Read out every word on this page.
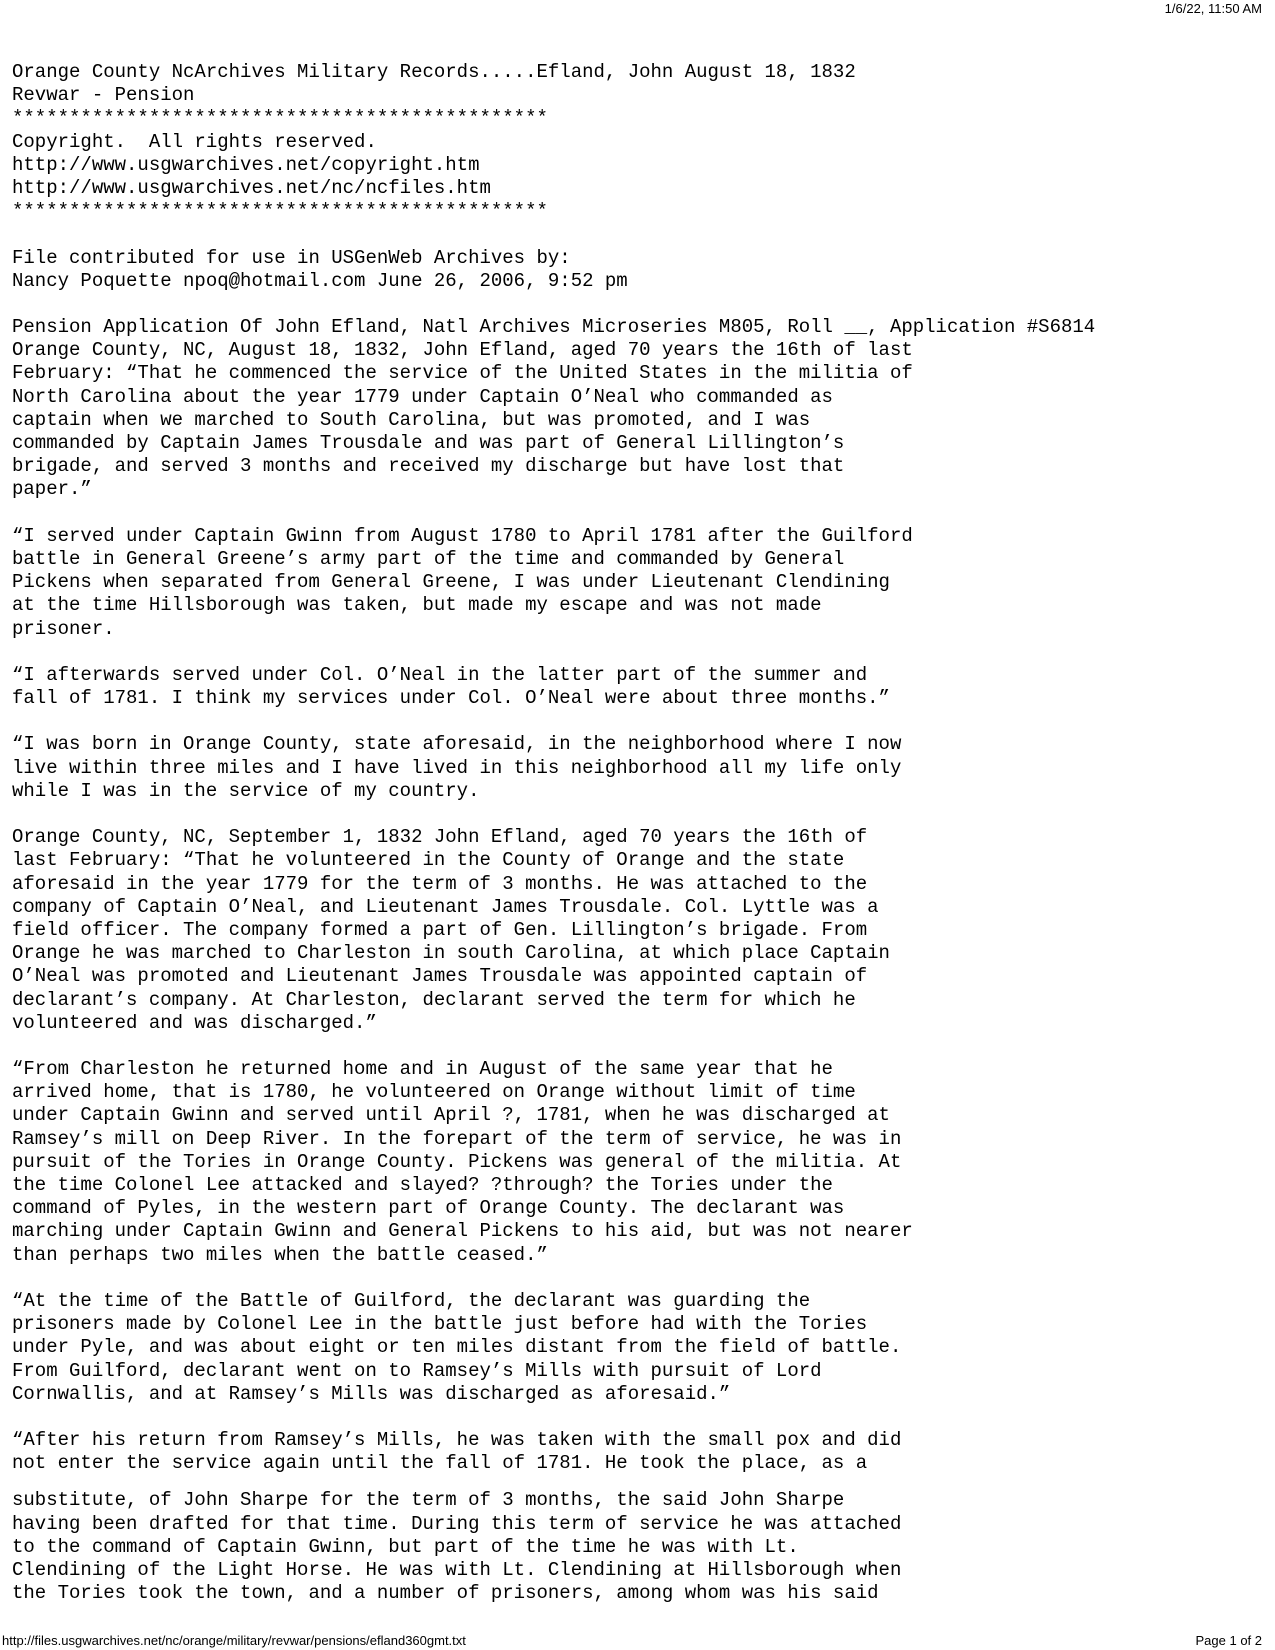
1/6/22, 11:50 AM
Orange County NcArchives Military Records.....Efland, John August 18, 1832
Revwar - Pension
***********************************************
Copyright.  All rights reserved.
http://www.usgwarchives.net/copyright.htm
http://www.usgwarchives.net/nc/ncfiles.htm
***********************************************
File contributed for use in USGenWeb Archives by:
Nancy Poquette npoq@hotmail.com June 26, 2006, 9:52 pm
Pension Application Of John Efland, Natl Archives Microseries M805, Roll __, Application #S6814
Orange County, NC, August 18, 1832, John Efland, aged 70 years the 16th of last
February: “That he commenced the service of the United States in the militia of
North Carolina about the year 1779 under Captain O’Neal who commanded as
captain when we marched to South Carolina, but was promoted, and I was
commanded by Captain James Trousdale and was part of General Lillington’s
brigade, and served 3 months and received my discharge but have lost that
paper.”
“I served under Captain Gwinn from August 1780 to April 1781 after the Guilford
battle in General Greene’s army part of the time and commanded by General
Pickens when separated from General Greene, I was under Lieutenant Clendining
at the time Hillsborough was taken, but made my escape and was not made
prisoner.
“I afterwards served under Col. O’Neal in the latter part of the summer and
fall of 1781. I think my services under Col. O’Neal were about three months.”
“I was born in Orange County, state aforesaid, in the neighborhood where I now
live within three miles and I have lived in this neighborhood all my life only
while I was in the service of my country.
Orange County, NC, September 1, 1832 John Efland, aged 70 years the 16th of
last February: “That he volunteered in the County of Orange and the state
aforesaid in the year 1779 for the term of 3 months. He was attached to the
company of Captain O’Neal, and Lieutenant James Trousdale. Col. Lyttle was a
field officer. The company formed a part of Gen. Lillington’s brigade. From
Orange he was marched to Charleston in south Carolina, at which place Captain
O’Neal was promoted and Lieutenant James Trousdale was appointed captain of
declarant’s company. At Charleston, declarant served the term for which he
volunteered and was discharged.”
“From Charleston he returned home and in August of the same year that he
arrived home, that is 1780, he volunteered on Orange without limit of time
under Captain Gwinn and served until April ?, 1781, when he was discharged at
Ramsey’s mill on Deep River. In the forepart of the term of service, he was in
pursuit of the Tories in Orange County. Pickens was general of the militia. At
the time Colonel Lee attacked and slayed? ?through? the Tories under the
command of Pyles, in the western part of Orange County. The declarant was
marching under Captain Gwinn and General Pickens to his aid, but was not nearer
than perhaps two miles when the battle ceased.”
“At the time of the Battle of Guilford, the declarant was guarding the
prisoners made by Colonel Lee in the battle just before had with the Tories
under Pyle, and was about eight or ten miles distant from the field of battle.
From Guilford, declarant went on to Ramsey’s Mills with pursuit of Lord
Cornwallis, and at Ramsey’s Mills was discharged as aforesaid.”
“After his return from Ramsey’s Mills, he was taken with the small pox and did
not enter the service again until the fall of 1781. He took the place, as a
substitute, of John Sharpe for the term of 3 months, the said John Sharpe
having been drafted for that time. During this term of service he was attached
to the command of Captain Gwinn, but part of the time he was with Lt.
Clendining of the Light Horse. He was with Lt. Clendining at Hillsborough when
the Tories took the town, and a number of prisoners, among whom was his said
http://files.usgwarchives.net/nc/orange/military/revwar/pensions/efland360gmt.txt	Page 1 of 2
